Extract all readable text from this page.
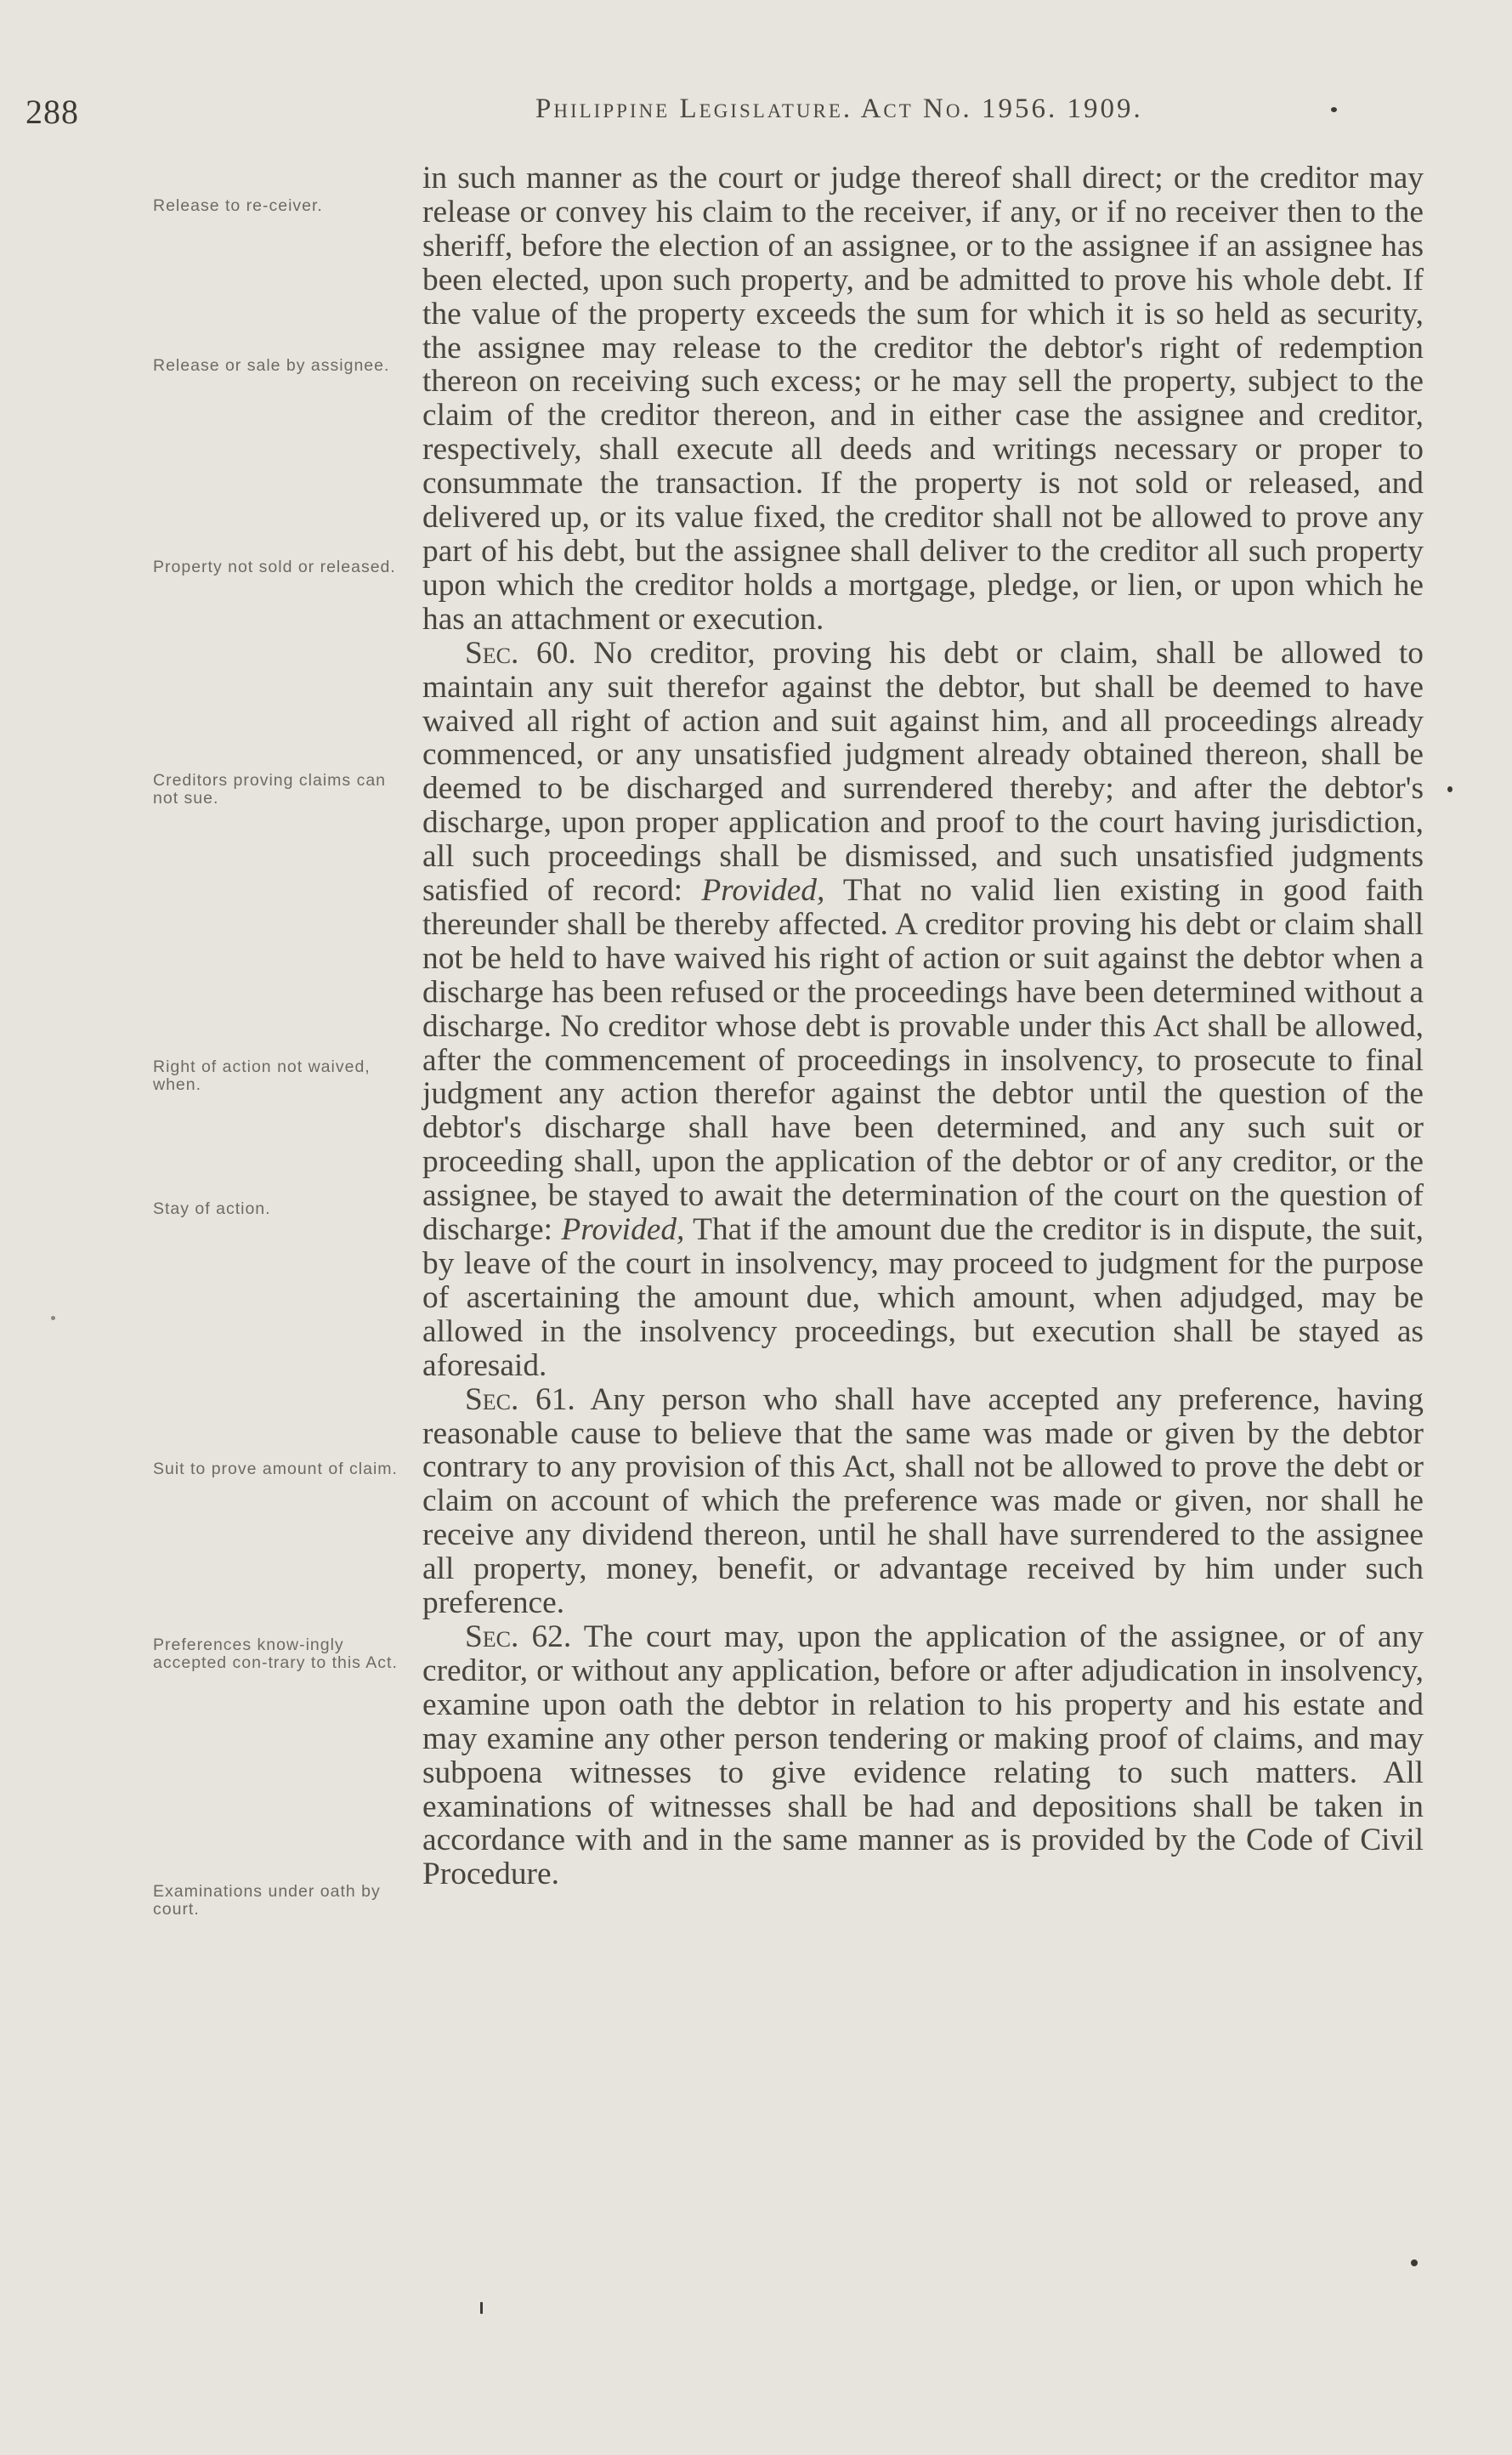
288	Philippine Legislature. Act No. 1956. 1909.
Release to re-ceiver.
Release or sale by assignee.
Property not sold or released.
Creditors proving claims can not sue.
Right of action not waived, when.
Stay of action.
Suit to prove amount of claim.
Preferences know-ingly accepted con-trary to this Act.
Examinations under oath by court.

in such manner as the court or judge thereof shall direct; or the creditor may release or convey his claim to the receiver, if any, or if no receiver then to the sheriff, before the election of an assignee, or to the assignee if an assignee has been elected, upon such property, and be admitted to prove his whole debt. If the value of the property exceeds the sum for which it is so held as security, the assignee may release to the creditor the debtor's right of redemption thereon on receiving such excess; or he may sell the property, subject to the claim of the creditor thereon, and in either case the assignee and creditor, respectively, shall execute all deeds and writings necessary or proper to consummate the transaction. If the property is not sold or released, and delivered up, or its value fixed, the creditor shall not be allowed to prove any part of his debt, but the assignee shall deliver to the creditor all such property upon which the creditor holds a mortgage, pledge, or lien, or upon which he has an attachment or execution.

Sec. 60. No creditor, proving his debt or claim, shall be allowed to maintain any suit therefor against the debtor, but shall be deemed to have waived all right of action and suit against him, and all proceedings already commenced, or any unsatisfied judgment already obtained thereon, shall be deemed to be discharged and surrendered thereby; and after the debtor's discharge, upon proper application and proof to the court having jurisdiction, all such proceedings shall be dismissed, and such unsatisfied judgments satisfied of record: Provided, That no valid lien existing in good faith thereunder shall be thereby affected. A creditor proving his debt or claim shall not be held to have waived his right of action or suit against the debtor when a discharge has been refused or the proceedings have been determined without a discharge. No creditor whose debt is provable under this Act shall be allowed, after the commencement of proceedings in insolvency, to prosecute to final judgment any action therefor against the debtor until the question of the debtor's discharge shall have been determined, and any such suit or proceeding shall, upon the application of the debtor or of any creditor, or the assignee, be stayed to await the determination of the court on the question of discharge: Provided, That if the amount due the creditor is in dispute, the suit, by leave of the court in insolvency, may proceed to judgment for the purpose of ascertaining the amount due, which amount, when adjudged, may be allowed in the insolvency proceedings, but execution shall be stayed as aforesaid.

Sec. 61. Any person who shall have accepted any preference, having reasonable cause to believe that the same was made or given by the debtor contrary to any provision of this Act, shall not be allowed to prove the debt or claim on account of which the preference was made or given, nor shall he receive any dividend thereon, until he shall have surrendered to the assignee all property, money, benefit, or advantage received by him under such preference.

Sec. 62. The court may, upon the application of the assignee, or of any creditor, or without any application, before or after adjudication in insolvency, examine upon oath the debtor in relation to his property and his estate and may examine any other person tendering or making proof of claims, and may subpoena witnesses to give evidence relating to such matters. All examinations of witnesses shall be had and depositions shall be taken in accordance with and in the same manner as is provided by the Code of Civil Procedure.
